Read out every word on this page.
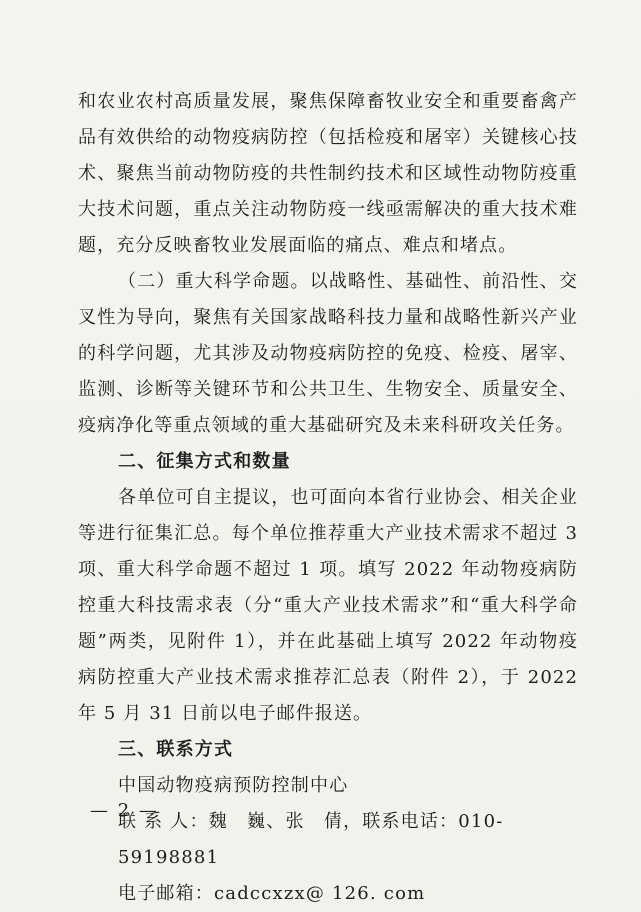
和农业农村高质量发展，聚焦保障畜牧业安全和重要畜禽产品有效供给的动物疫病防控（包括检疫和屠宰）关键核心技术、聚焦当前动物防疫的共性制约技术和区域性动物防疫重大技术问题，重点关注动物防疫一线亟需解决的重大技术难题，充分反映畜牧业发展面临的痛点、难点和堵点。

（二）重大科学命题。以战略性、基础性、前沿性、交叉性为导向，聚焦有关国家战略科技力量和战略性新兴产业的科学问题，尤其涉及动物疫病防控的免疫、检疫、屠宰、监测、诊断等关键环节和公共卫生、生物安全、质量安全、疫病净化等重点领域的重大基础研究及未来科研攻关任务。

二、征集方式和数量

各单位可自主提议，也可面向本省行业协会、相关企业等进行征集汇总。每个单位推荐重大产业技术需求不超过 3 项、重大科学命题不超过 1 项。填写 2022 年动物疫病防控重大科技需求表（分“重大产业技术需求”和“重大科学命题”两类，见附件 1），并在此基础上填写 2022 年动物疫病防控重大产业技术需求推荐汇总表（附件 2），于 2022 年 5 月 31 日前以电子邮件报送。

三、联系方式

中国动物疫病预防控制中心

联 系 人：魏　巍、张　倩，联系电话：010-59198881

电子邮箱：cadccxzx@ 126. com

— 2 —
